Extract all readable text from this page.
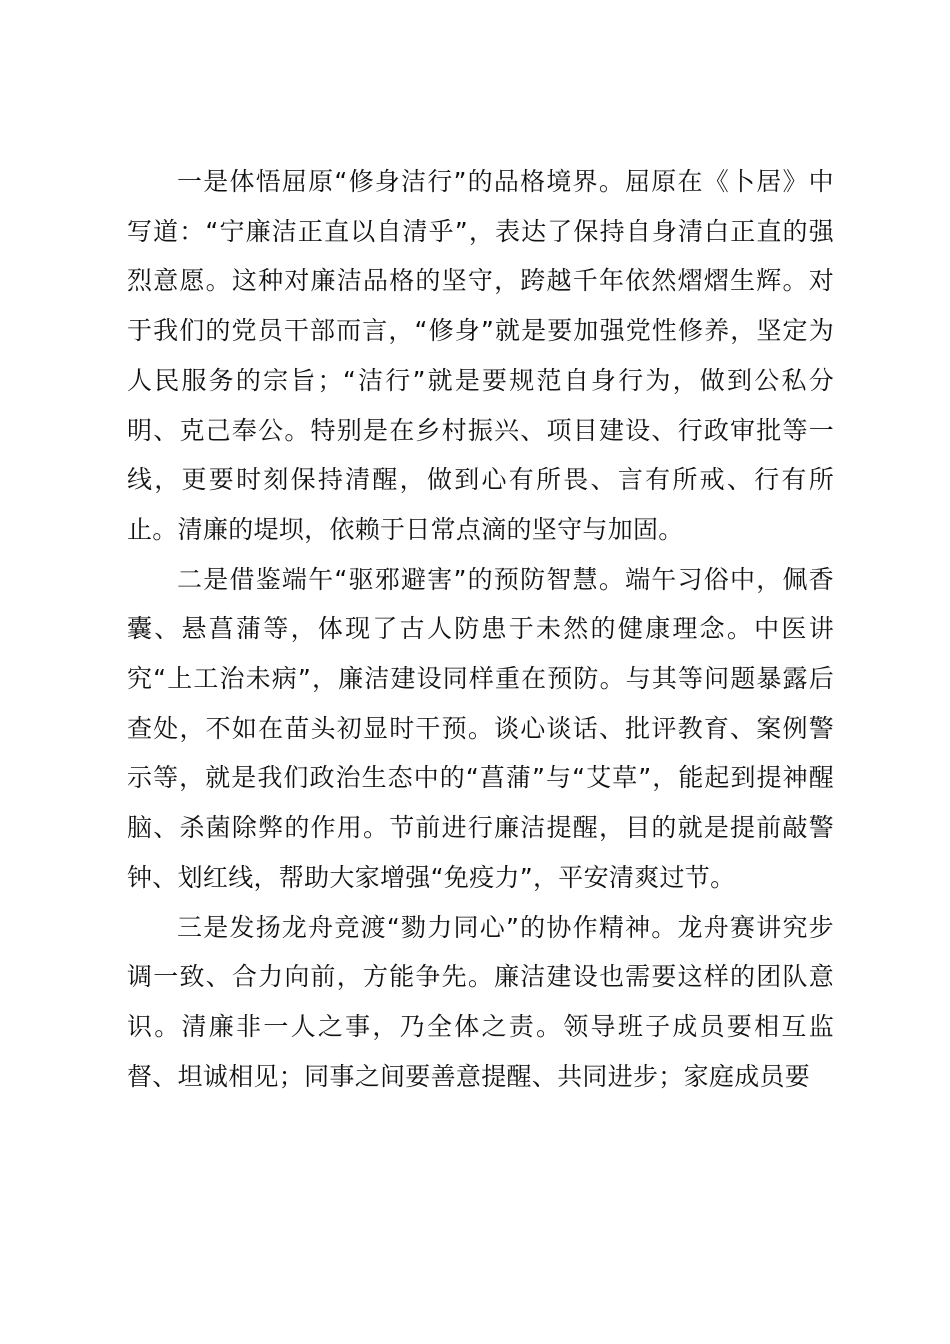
一是体悟屈原“修身洁行”的品格境界。屈原在《卜居》中写道：“宁廉洁正直以自清乎”，表达了保持自身清白正直的强烈意愿。这种对廉洁品格的坚守，跨越千年依然熠熠生辉。对于我们的党员干部而言，“修身”就是要加强党性修养，坚定为人民服务的宗旨；“洁行”就是要规范自身行为，做到公私分明、克己奉公。特别是在乡村振兴、项目建设、行政审批等一线，更要时刻保持清醒，做到心有所畏、言有所戒、行有所止。清廉的堤坝，依赖于日常点滴的坚守与加固。

二是借鉴端午“驱邪避害”的预防智慧。端午习俗中，佩香囊、悬菖蒲等，体现了古人防患于未然的健康理念。中医讲究“上工治未病”，廉洁建设同样重在预防。与其等问题暴露后查处，不如在苗头初显时干预。谈心谈话、批评教育、案例警示等，就是我们政治生态中的“菖蒲”与“艾草”，能起到提神醒脑、杀菌除弊的作用。节前进行廉洁提醒，目的就是提前敲警钟、划红线，帮助大家增强“免疫力”，平安清爽过节。

三是发扬龙舟竞渡“勠力同心”的协作精神。龙舟赛讲究步调一致、合力向前，方能争先。廉洁建设也需要这样的团队意识。清廉非一人之事，乃全体之责。领导班子成员要相互监督、坦诚相见；同事之间要善意提醒、共同进步；家庭成员要
